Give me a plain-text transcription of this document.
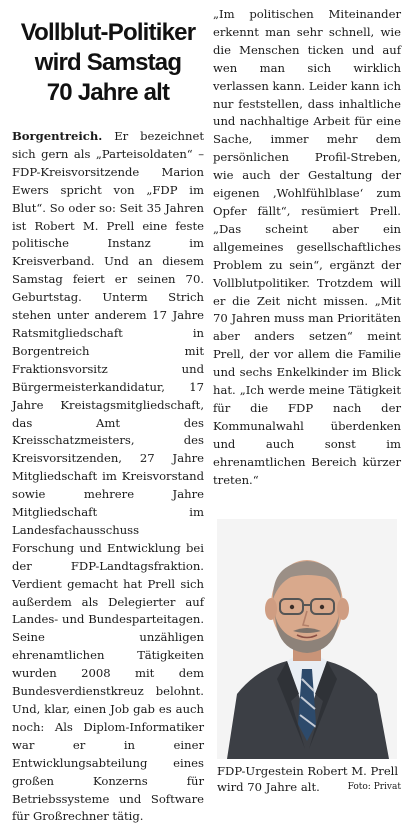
Vollblut-Politiker
wird Samstag
70 Jahre alt

Borgentreich. Er bezeichnet sich gern als „Parteisoldaten“ – FDP-Kreisvorsitzende Marion Ewers spricht von „FDP im Blut“. So oder so: Seit 35 Jahren ist Robert M. Prell eine feste politische Instanz im Kreisverband. Und an diesem Samstag feiert er seinen 70. Geburtstag. Unterm Strich stehen unter anderem 17 Jahre Ratsmitgliedschaft in Borgentreich mit Fraktionsvorsitz und Bürgermeisterkandidatur, 17 Jahre Kreistagsmitgliedschaft, das Amt des Kreisschatzmeisters, des Kreisvorsitzenden, 27 Jahre Mitgliedschaft im Kreisvorstand sowie mehrere Jahre Mitgliedschaft im Landesfachausschuss Forschung und Entwicklung bei der FDP-Landtagsfraktion. Verdient gemacht hat Prell sich außerdem als Delegierter auf Landes- und Bundesparteitagen. Seine unzähligen ehrenamtlichen Tätigkeiten wurden 2008 mit dem Bundesverdienstkreuz belohnt. Und, klar, einen Job gab es auch noch: Als Diplom-Informatiker war er in einer Entwicklungsabteilung eines großen Konzerns für Betriebssysteme und Software für Großrechner tätig.

„Im politischen Miteinander erkennt man sehr schnell, wie die Menschen ticken und auf wen man sich wirklich verlassen kann. Leider kann ich nur feststellen, dass inhaltliche und nachhaltige Arbeit für eine Sache, immer mehr dem persönlichen Profil-Streben, wie auch der Gestaltung der eigenen ‚Wohlfühlblase‘ zum Opfer fällt“, resümiert Prell. „Das scheint aber ein allgemeines gesellschaftliches Problem zu sein“, ergänzt der Vollblutpolitiker. Trotzdem will er die Zeit nicht missen. „Mit 70 Jahren muss man Prioritäten aber anders setzen“ meint Prell, der vor allem die Familie und sechs Enkelkinder im Blick hat. „Ich werde meine Tätigkeit für die FDP nach der Kommunalwahl überdenken und auch sonst im ehrenamtlichen Bereich kürzer treten.“

FDP-Urgestein Robert M. Prell wird 70 Jahre alt.	Foto: Privat
